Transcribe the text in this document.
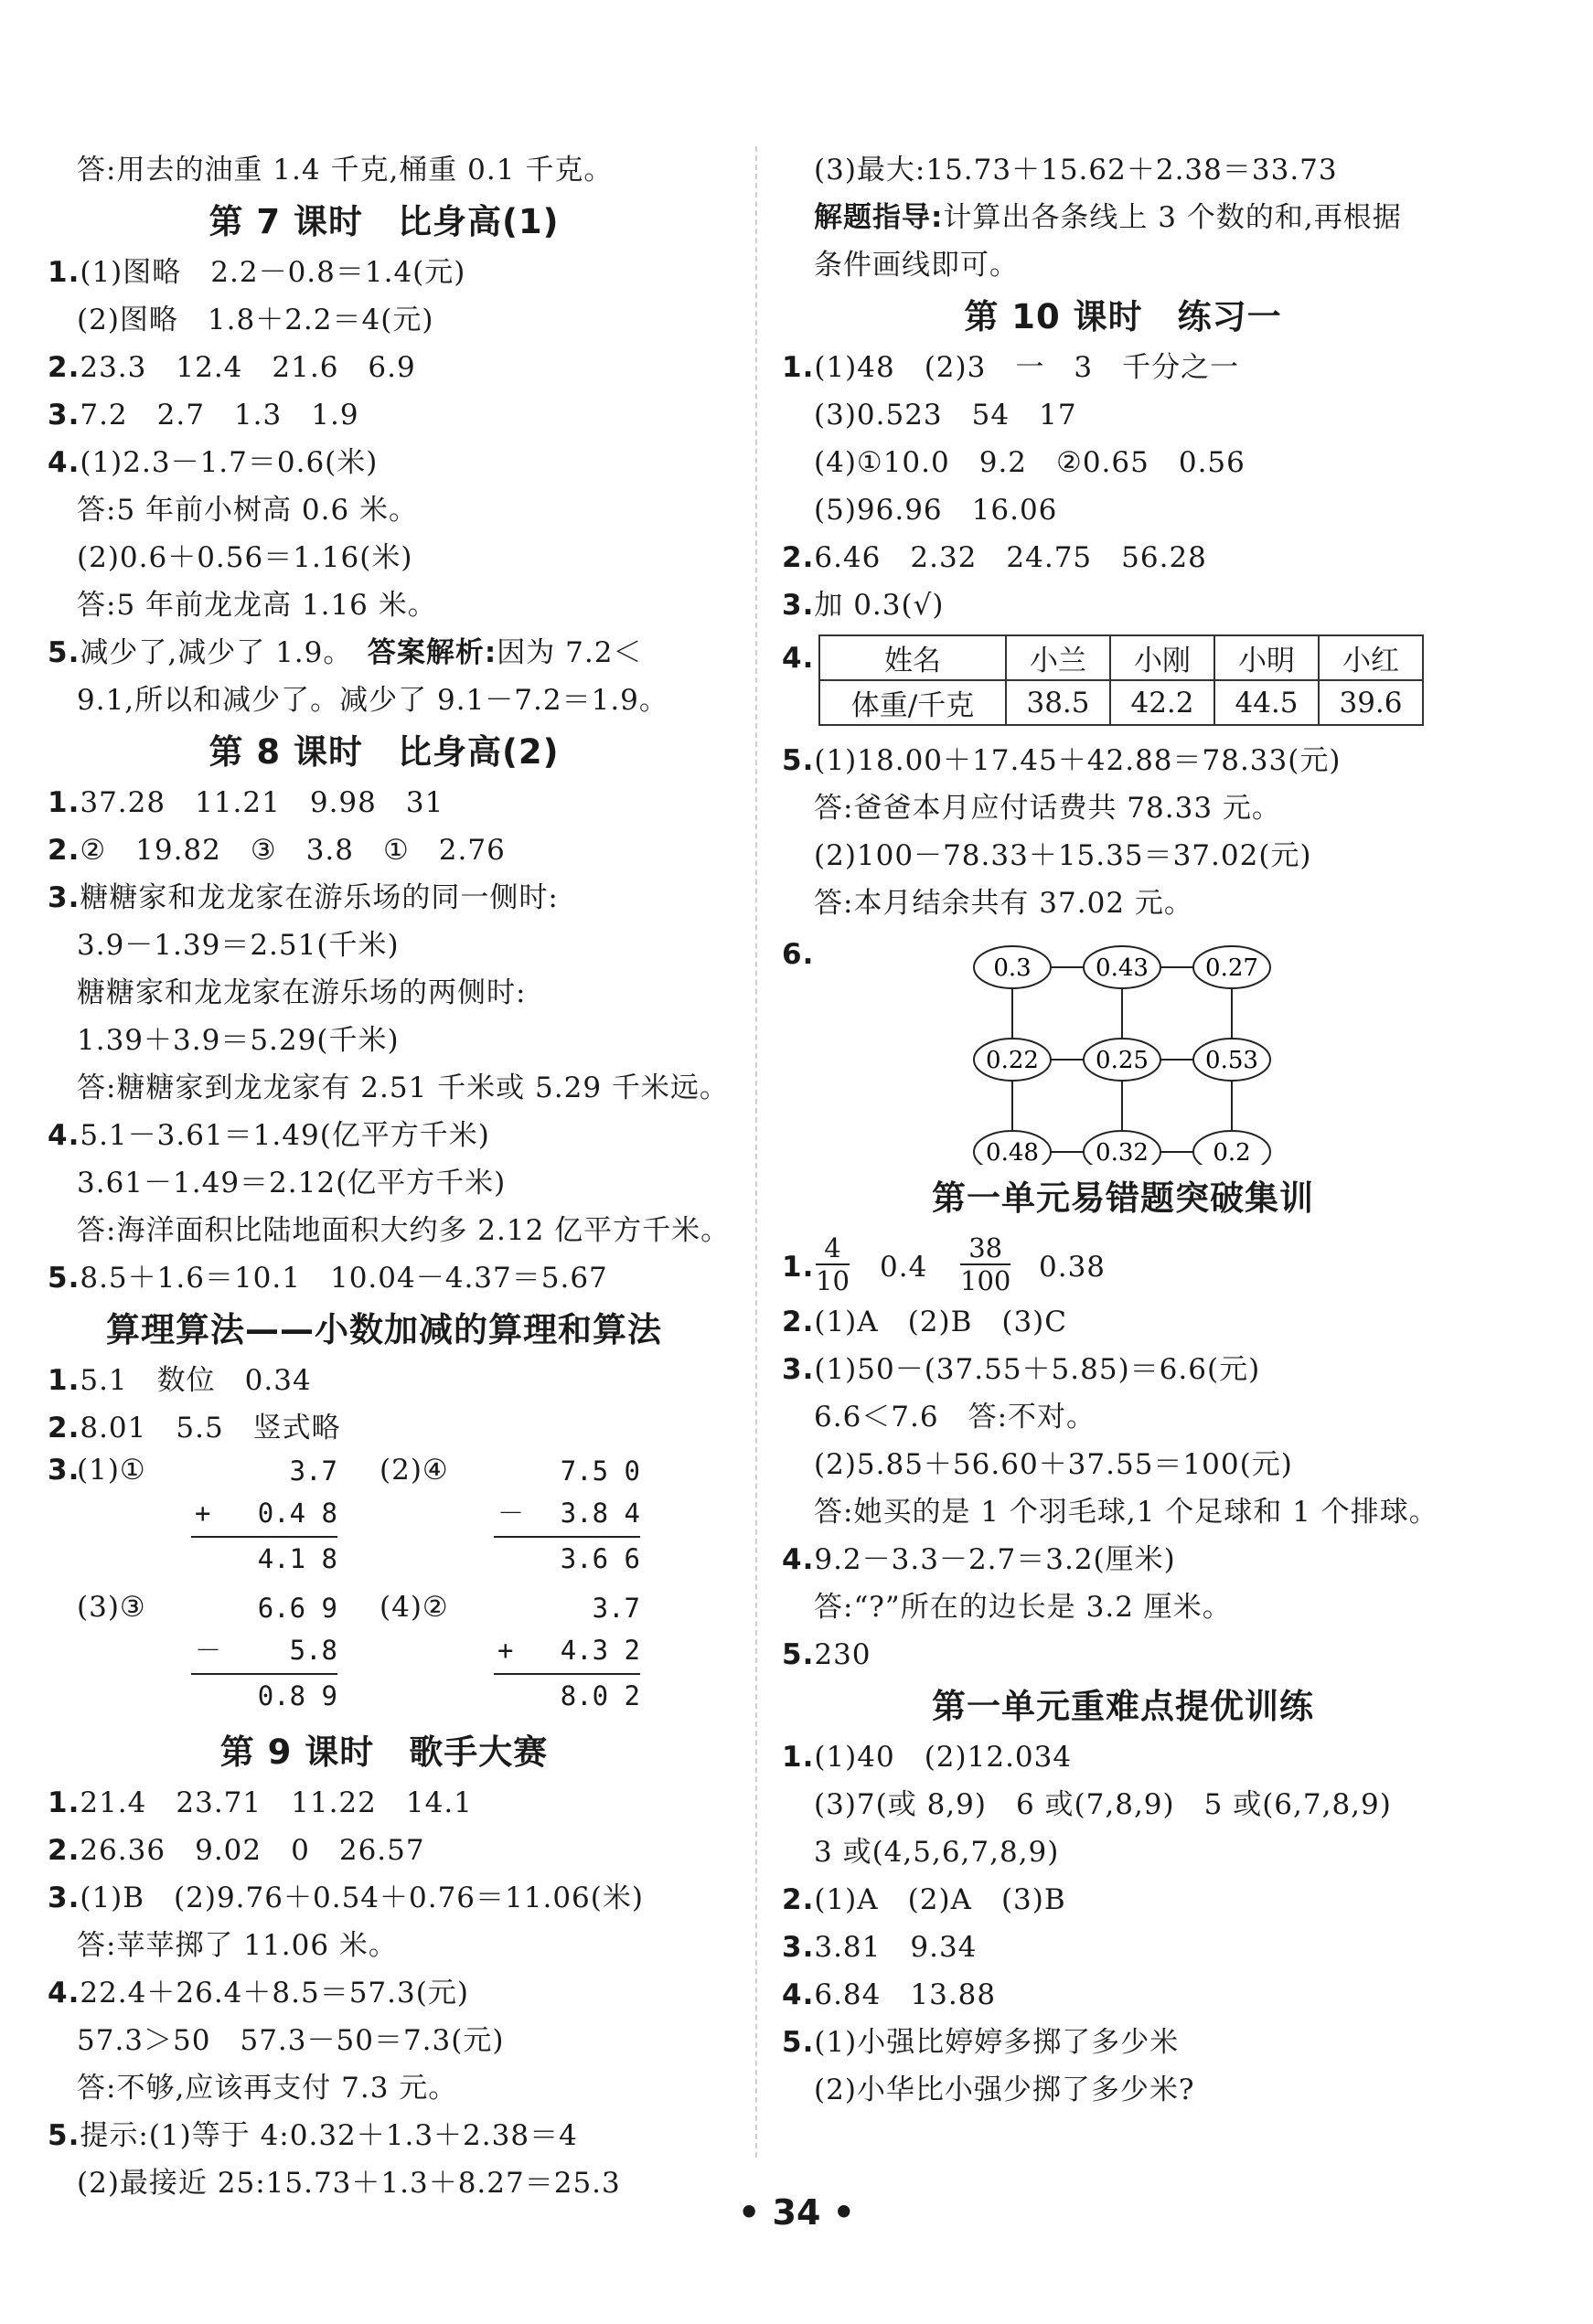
• 34 •
答:用去的油重 1.4 千克,桶重 0.1 千克。
第 7 课时　比身高(1)
1.(1)图略　2.2－0.8＝1.4(元)
(2)图略　1.8＋2.2＝4(元)
2.23.3　12.4　21.6　6.9
3.7.2　2.7　1.3　1.9
4.(1)2.3－1.7＝0.6(米)
答:5 年前小树高 0.6 米。
(2)0.6＋0.56＝1.16(米)
答:5 年前龙龙高 1.16 米。
5.减少了,减少了 1.9。　答案解析:因为 7.2＜
9.1,所以和减少了。减少了 9.1－7.2＝1.9。
第 8 课时　比身高(2)
1.37.28　11.21　9.98　31
2.②　19.82　③　3.8　①　2.76
3.糖糖家和龙龙家在游乐场的同一侧时:
3.9－1.39＝2.51(千米)
糖糖家和龙龙家在游乐场的两侧时:
1.39＋3.9＝5.29(千米)
答:糖糖家到龙龙家有 2.51 千米或 5.29 千米远。
4.5.1－3.61＝1.49(亿平方千米)
3.61－1.49＝2.12(亿平方千米)
答:海洋面积比陆地面积大约多 2.12 亿平方千米。
5.8.5＋1.6＝10.1　10.04－4.37＝5.67
算理算法——小数加减的算理和算法
1.5.1　数位　0.34
2.8.01　5.5　竖式略
3.
(1)①	3.7
+ 0.4 8
4.1 8
(2)④	7.5 0
－ 3.8 4
3.6 6
(3)③	6.6 9
－	5.8
0.8 9
(4)②	3.7
+ 4.3 2
8.0 2
第 9 课时　歌手大赛
1.21.4　23.71　11.22　14.1
2.26.36　9.02　0　26.57
3.(1)B　(2)9.76＋0.54＋0.76＝11.06(米)
答:苹苹掷了 11.06 米。
4.22.4＋26.4＋8.5＝57.3(元)
57.3＞50　57.3－50＝7.3(元)
答:不够,应该再支付 7.3 元。
5.提示:(1)等于 4:0.32＋1.3＋2.38＝4
(2)最接近 25:15.73＋1.3＋8.27＝25.3
(3)最大:15.73＋15.62＋2.38＝33.73
解题指导:计算出各条线上 3 个数的和,再根据
条件画线即可。
第 10 课时　练习一
1.(1)48　(2)3　一　3　千分之一
(3)0.523　54　17
(4)①10.0　9.2　②0.65　0.56
(5)96.96　16.06
2.6.46　2.32　24.75　56.28
3.加 0.3(√)
4. 姓名	小兰	小刚	小明	小红
体重/千克	38.5	42.2	44.5	39.6
5.(1)18.00＋17.45＋42.88＝78.33(元)
答:爸爸本月应付话费共 78.33 元。
(2)100－78.33＋15.35＝37.02(元)
答:本月结余共有 37.02 元。
6.	0.3	0.43 0.27
0.22 0.25 0.53
0.48 0.32	0.2
第一单元易错题突破集训
1. $\frac{4}{10} 0.4 \frac{38}{100} 0.38$
2.(1)A　(2)B　(3)C
3.(1)50－(37.55＋5.85)＝6.6(元)
6.6＜7.6　答:不对。
(2)5.85＋56.60＋37.55＝100(元)
答:她买的是 1 个羽毛球,1 个足球和 1 个排球。
4.9.2－3.3－2.7＝3.2(厘米)
答:“?”所在的边长是 3.2 厘米。
5.230
第一单元重难点提优训练
1.(1)40　(2)12.034
(3)7(或 8,9)　6 或(7,8,9)　5 或(6,7,8,9)
3 或(4,5,6,7,8,9)
2.(1)A　(2)A　(3)B
3.3.81　9.34
4.6.84　13.88
5.(1)小强比婷婷多掷了多少米
(2)小华比小强少掷了多少米?
